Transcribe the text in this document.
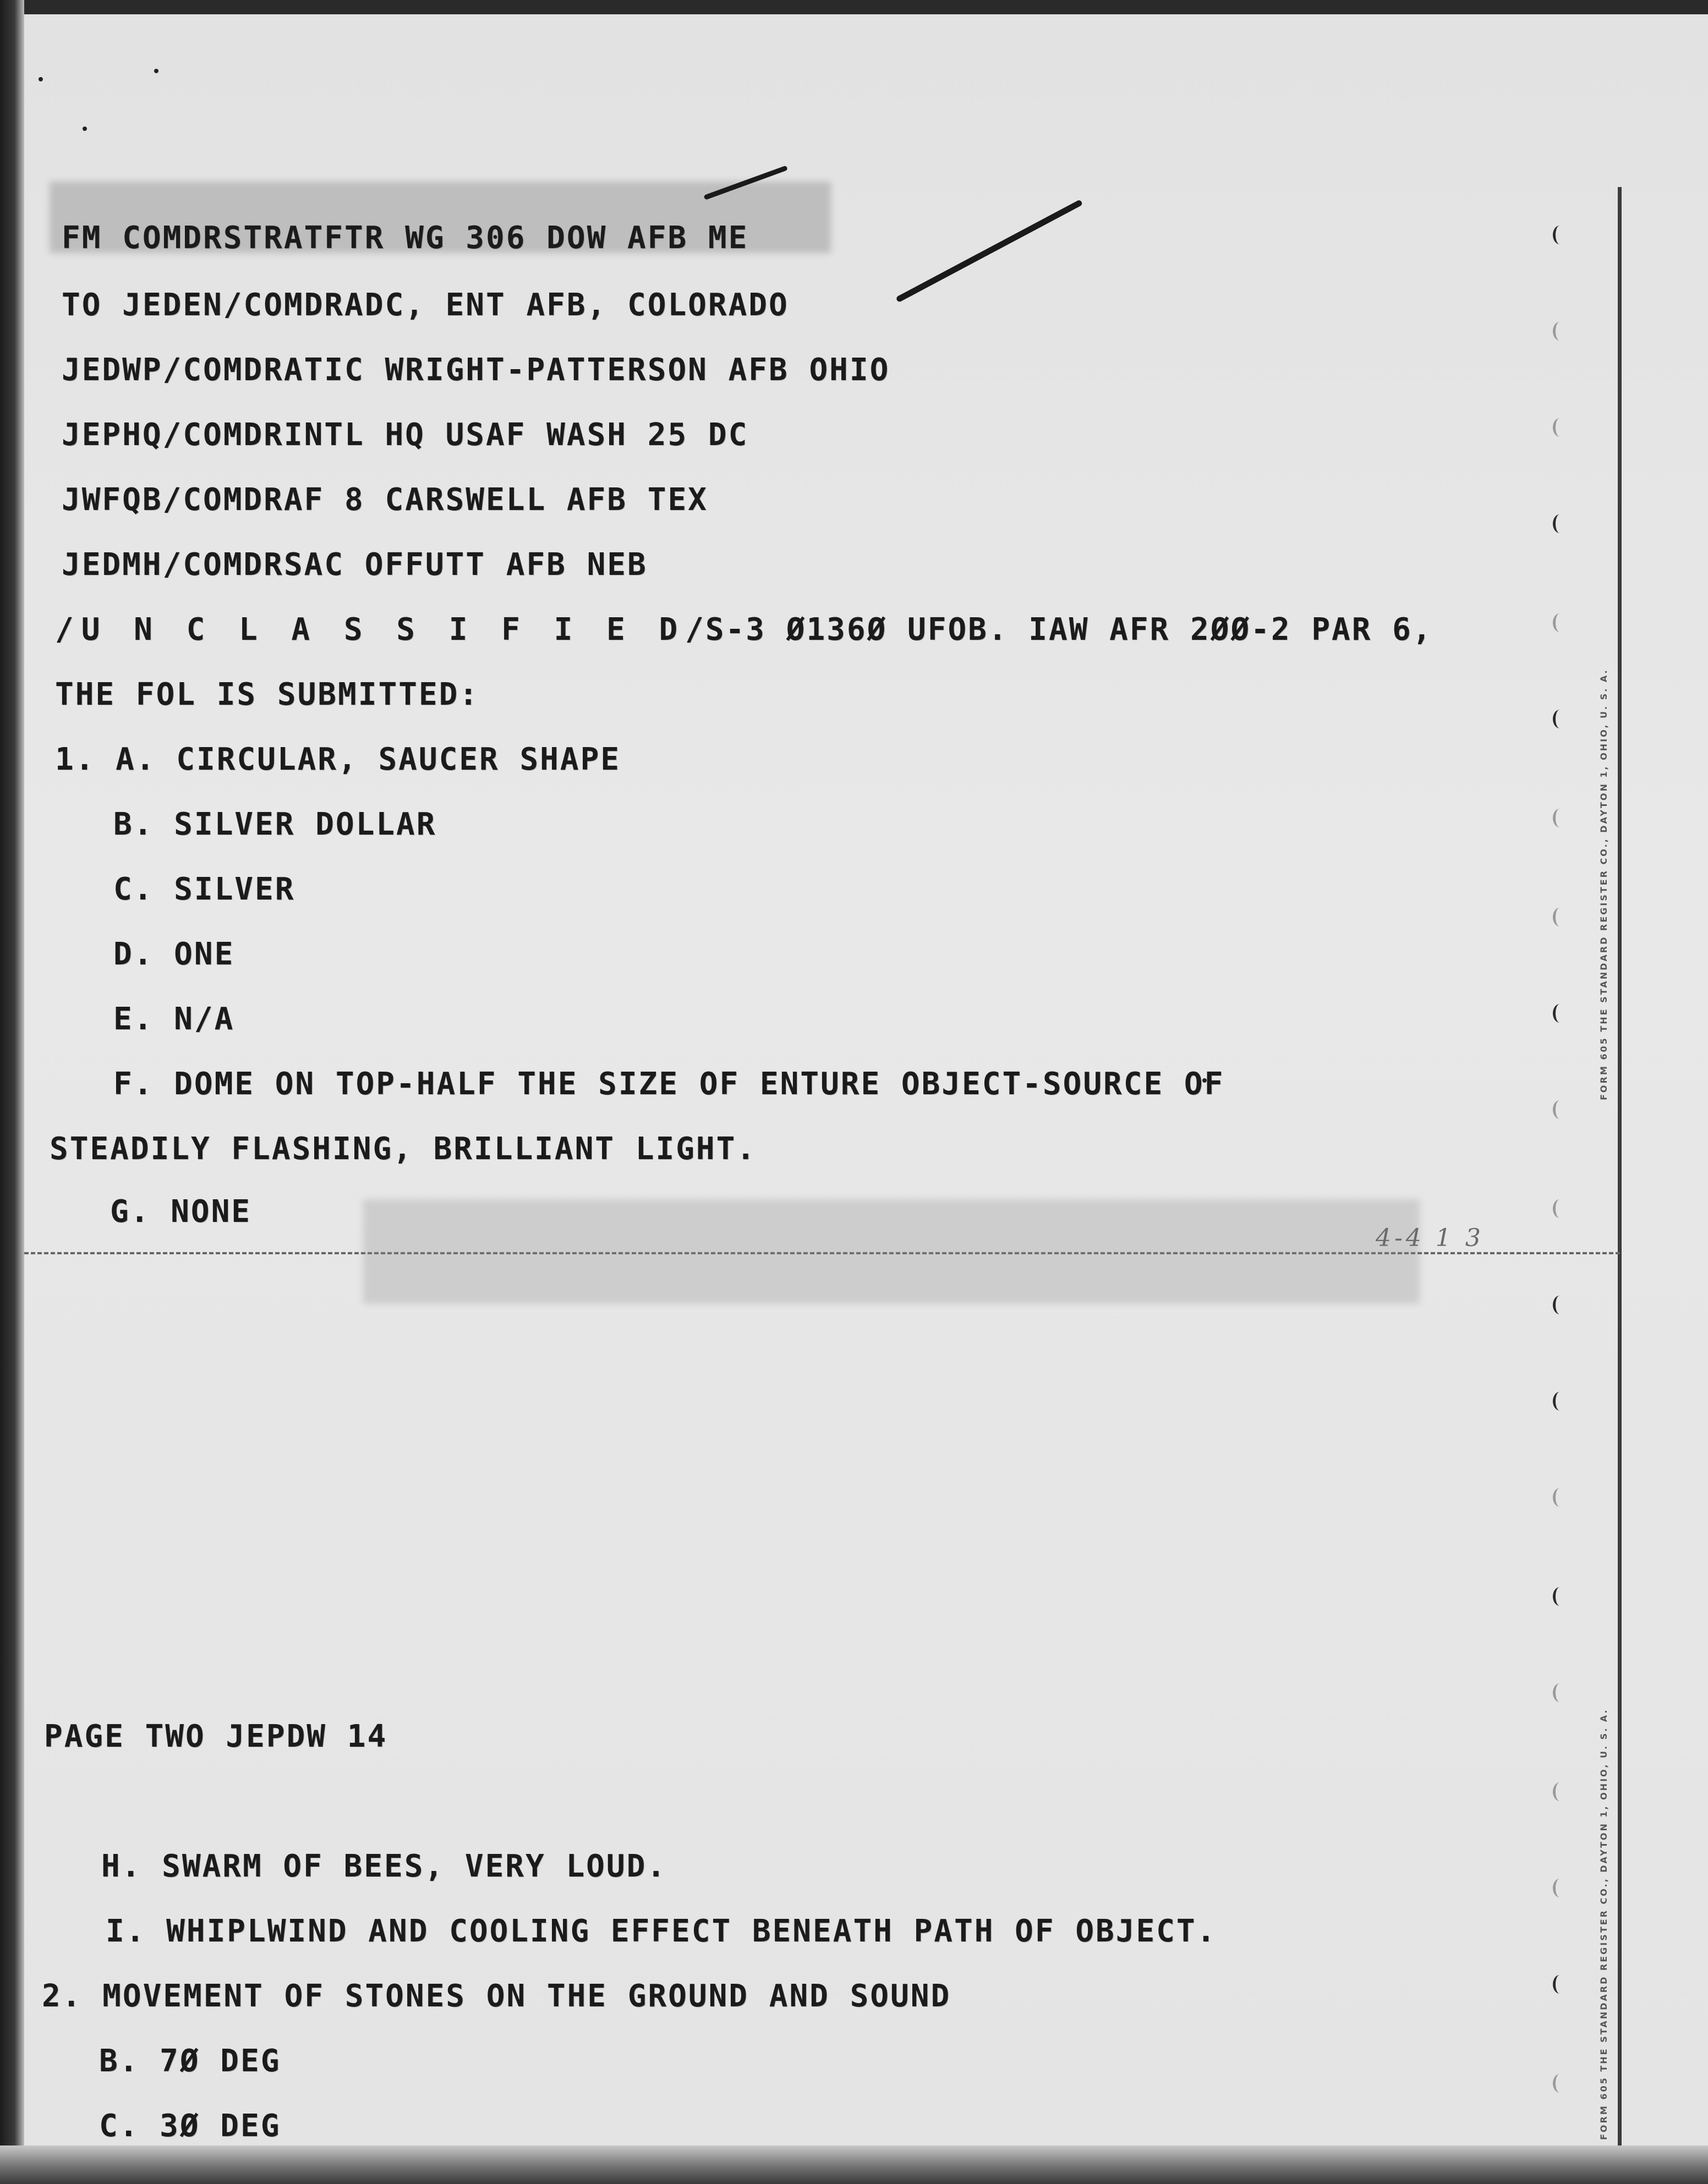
FM COMDRSTRATFTR WG 306 DOW AFB ME
TO JEDEN/COMDRADC, ENT AFB, COLORADO
JEDWP/COMDRATIC WRIGHT-PATTERSON AFB OHIO
JEPHQ/COMDRINTL HQ USAF WASH 25 DC
JWFQB/COMDRAF 8 CARSWELL AFB TEX
JEDMH/COMDRSAC OFFUTT AFB NEB
/U N C L A S S I F I E D/S-3 Ø136Ø UFOB. IAW AFR 2ØØ-2 PAR 6,
THE FOL IS SUBMITTED:
1. A. CIRCULAR, SAUCER SHAPE
B. SILVER DOLLAR
C. SILVER
D. ONE
E. N/A
F. DOME ON TOP-HALF THE SIZE OF ENTURE OBJECT-SOURCE OF
STEADILY FLASHING, BRILLIANT LIGHT.
G. NONE
4-4 1 3
PAGE TWO JEPDW 14
H. SWARM OF BEES, VERY LOUD.
I. WHIPLWIND AND COOLING EFFECT BENEATH PATH OF OBJECT.
2. MOVEMENT OF STONES ON THE GROUND AND SOUND
B. 7Ø DEG
C. 3Ø DEG
FORM 605 THE STANDARD REGISTER CO., DAYTON 1, OHIO, U. S. A.
FORM 605 THE STANDARD REGISTER CO., DAYTON 1, OHIO, U. S. A.
